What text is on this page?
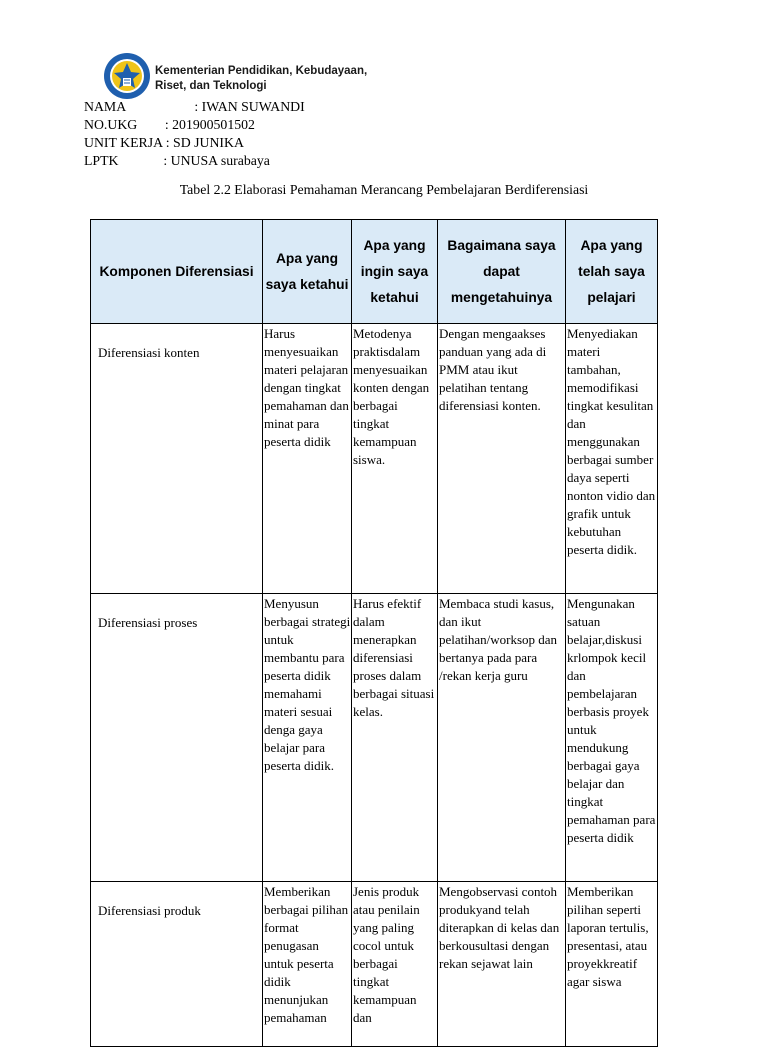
Kementerian Pendidikan, Kebudayaan,
Riset, dan Teknologi
NAMA                    : IWAN SUWANDI
NO.UKG        : 201900501502
UNIT KERJA : SD JUNIKA
LPTK             : UNUSA surabaya
Tabel 2.2 Elaborasi Pemahaman Merancang Pembelajaran Berdiferensiasi
Komponen Diferensiasi	Apa yang saya ketahui	Apa yang ingin saya ketahui	Bagaimana saya dapat mengetahuinya	Apa yang telah saya pelajari
Diferensiasi konten	Harus menyesuaikan materi pelajaran dengan tingkat pemahaman dan minat para peserta didik	Metodenya praktisdalam menyesuaikan konten dengan berbagai tingkat kemampuan siswa.	Dengan mengaakses panduan yang ada di PMM atau ikut pelatihan tentang diferensiasi konten.	Menyediakan materi tambahan, memodifikasi tingkat kesulitan dan menggunakan berbagai sumber daya seperti nonton vidio dan grafik untuk kebutuhan peserta didik.
Diferensiasi proses	Menyusun berbagai strategi untuk membantu para peserta didik memahami materi sesuai denga gaya belajar para peserta didik.	Harus efektif dalam menerapkan diferensiasi proses dalam berbagai situasi kelas.	Membaca studi kasus, dan ikut pelatihan/worksop dan bertanya pada para /rekan kerja guru	Mengunakan satuan belajar,diskusi krlompok kecil dan pembelajaran berbasis proyek untuk mendukung berbagai gaya belajar dan tingkat pemahaman para peserta didik

Diferensiasi produk	Memberikan berbagai pilihan format penugasan untuk peserta didik menunjukan pemahaman	Jenis produk atau penilain yang paling cocol untuk berbagai tingkat kemampuan dan	Mengobservasi contoh produkyand telah diterapkan di kelas dan berkousultasi dengan rekan sejawat lain	Memberikan pilihan seperti laporan tertulis, presentasi, atau proyekkreatif agar siswa
